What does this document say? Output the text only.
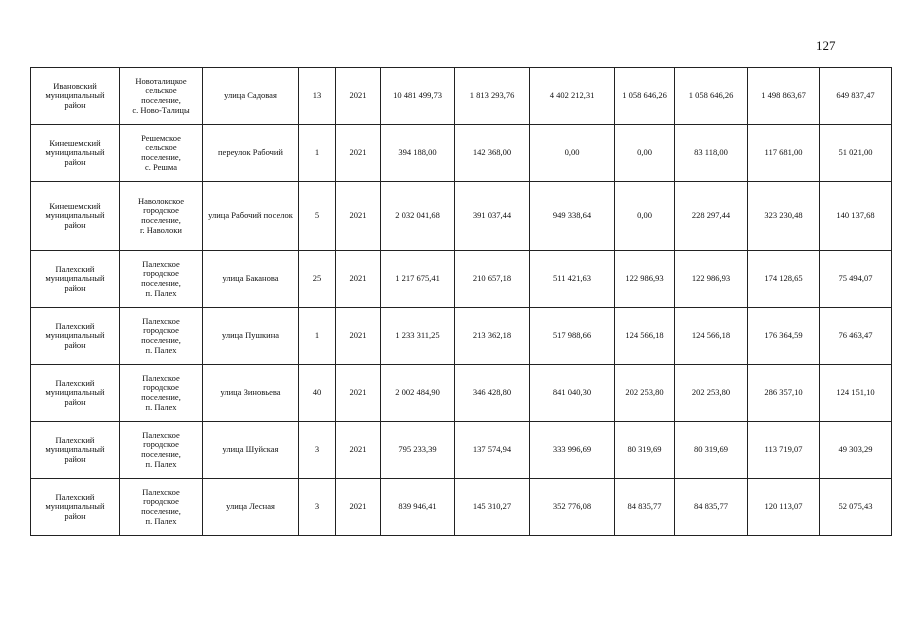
127
Ивановский
муниципальный
район	Новоталицкое
сельское
поселение,
с. Ново-Талицы	улица Садовая	13	2021	10 481 499,73	1 813 293,76	4 402 212,31	1 058 646,26	1 058 646,26	1 498 863,67	649 837,47
Кинешемский
муниципальный
район	Решемское
сельское
поселение,
с. Решма	переулок Рабочий	1	2021	394 188,00	142 368,00	0,00	0,00	83 118,00	117 681,00	51 021,00
Кинешемский
муниципальный
район	Наволокское
городское
поселение,
г. Наволоки	улица Рабочий поселок	5	2021	2 032 041,68	391 037,44	949 338,64	0,00	228 297,44	323 230,48	140 137,68
Палехский
муниципальный
район	Палехское
городское
поселение,
п. Палех	улица Баканова	25	2021	1 217 675,41	210 657,18	511 421,63	122 986,93	122 986,93	174 128,65	75 494,07
Палехский
муниципальный
район	Палехское
городское
поселение,
п. Палех	улица Пушкина	1	2021	1 233 311,25	213 362,18	517 988,66	124 566,18	124 566,18	176 364,59	76 463,47
Палехский
муниципальный
район	Палехское
городское
поселение,
п. Палех	улица Зиновьева	40	2021	2 002 484,90	346 428,80	841 040,30	202 253,80	202 253,80	286 357,10	124 151,10
Палехский
муниципальный
район	Палехское
городское
поселение,
п. Палех	улица Шуйская	3	2021	795 233,39	137 574,94	333 996,69	80 319,69	80 319,69	113 719,07	49 303,29
Палехский
муниципальный
район	Палехское
городское
поселение,
п. Палех	улица Лесная	3	2021	839 946,41	145 310,27	352 776,08	84 835,77	84 835,77	120 113,07	52 075,43
